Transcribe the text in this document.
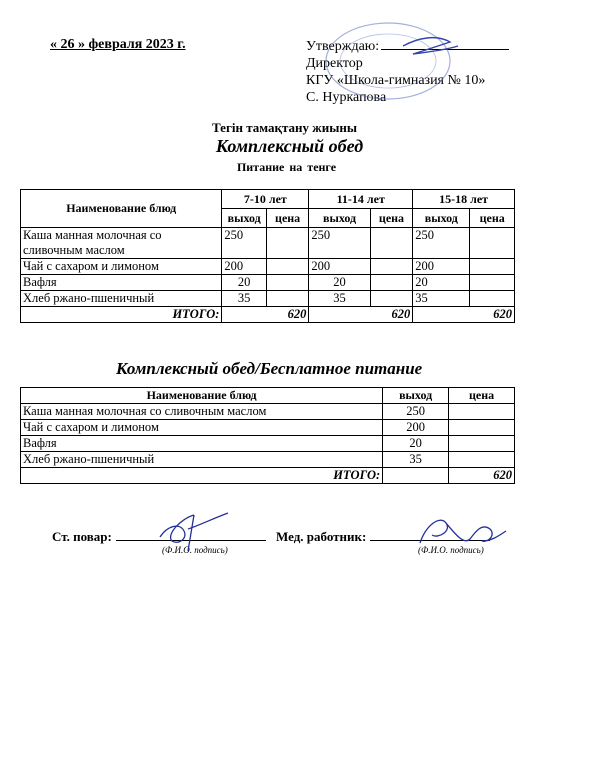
« 26 » февраля 2023 г.	Утверждаю:
Директор
КГУ «Школа-гимназия № 10»
С. Нуркапова
Тегін тамақтану жиыны
Комплексный обед
Питание на тенге
Наименование блюд	7-10 лет		11-14 лет		15-18 лет	
	выход	цена	выход	цена	выход	цена
Каша манная молочная со сливочным маслом	250		250		250	
Чай с сахаром и лимоном	200		200		200	
Вафля	20		20		20	
Хлеб ржано-пшеничный	35		35		35	
ИТОГО:	620		620		620	
Комплексный обед/Бесплатное питание
Наименование блюд	выход	цена
Каша манная молочная со сливочным маслом	250	
Чай с сахаром и лимоном	200	
Вафля	20	
Хлеб ржано-пшеничный	35	
ИТОГО:		620
Ст. повар:
(Ф.И.О. подпись)
Мед. работник:
(Ф.И.О. подпись)
